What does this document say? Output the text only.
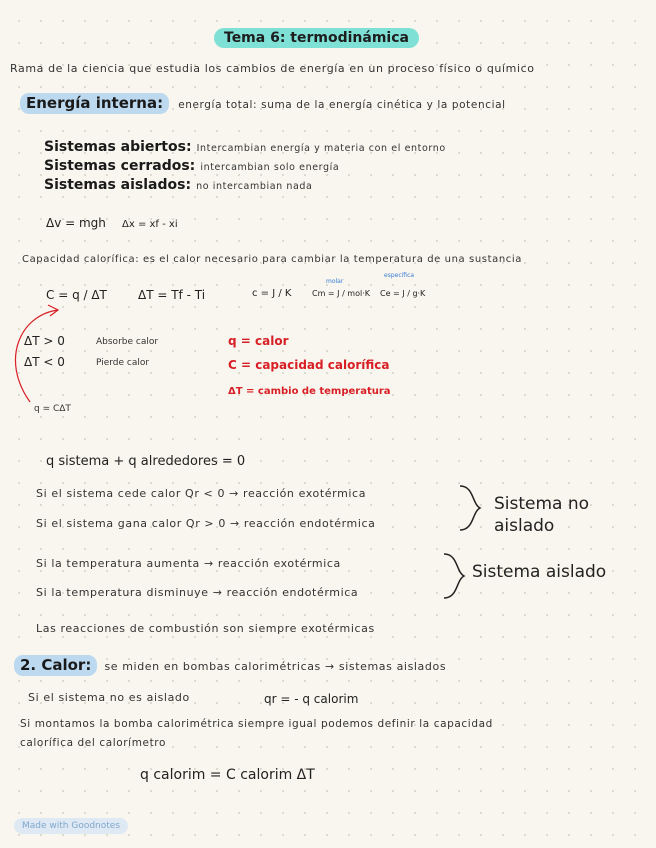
Tema 6: termodinámica
Rama de la ciencia que estudia los cambios de energía en un proceso físico o químico
Energía interna: energía total: suma de la energía cinética y la potencial
Sistemas abiertos: Intercambian energía y materia con el entorno
Sistemas cerrados: intercambian solo energía
Sistemas aislados: no intercambian nada
Δv = mgh Δx = xf - xi
Capacidad calorífica: es el calor necesario para cambiar la temperatura de una sustancia
C = q / ΔT	ΔT = Tf - Ti	c = J / K	Cm = J / mol·K
molar
Ce = J / g·K
específica
ΔT > 0	Absorbe calor
ΔT < 0	Pierde calor
q = CΔT
q = calor
C = capacidad calorífica
ΔT = cambio de temperatura
q sistema + q alrededores = 0
Si el sistema cede calor Qr < 0 → reacción exotérmica
Si el sistema gana calor Qr > 0 → reacción endotérmica
Sistema no aislado
Si la temperatura aumenta → reacción exotérmica
Si la temperatura disminuye → reacción endotérmica
Sistema aislado
Las reacciones de combustión son siempre exotérmicas
2. Calor: se miden en bombas calorimétricas → sistemas aislados
Si el sistema no es aislado	qr = - q calorim
Si montamos la bomba calorimétrica siempre igual podemos definir la capacidad
calorífica del calorímetro
q calorim = C calorim ΔT
Made with Goodnotes
